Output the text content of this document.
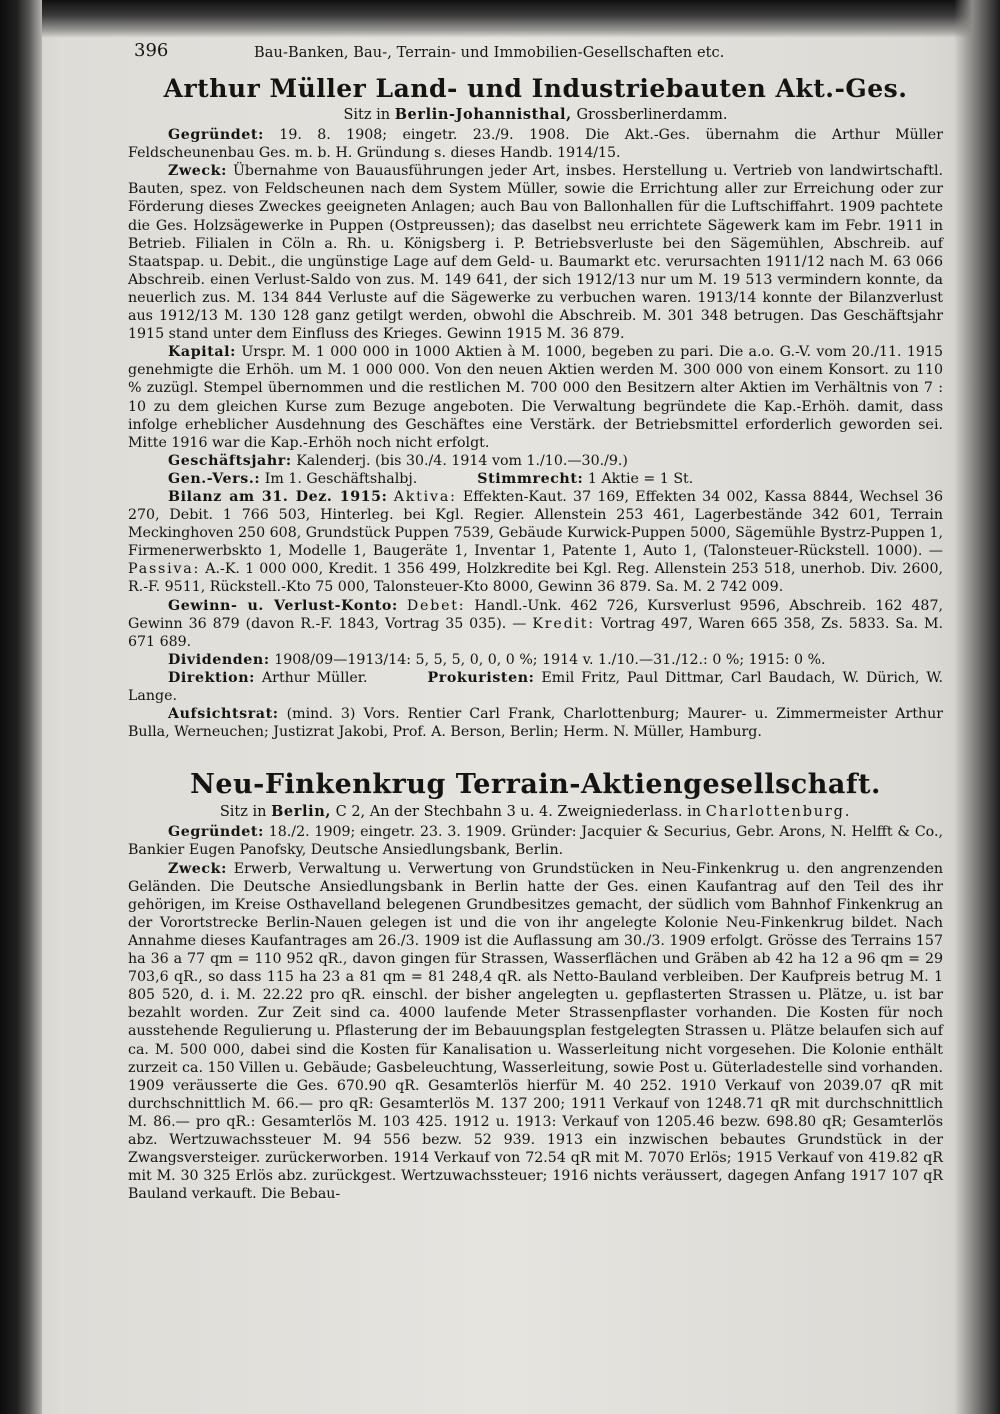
396	Bau-Banken, Bau-, Terrain- und Immobilien-Gesellschaften etc.
Arthur Müller Land- und Industriebauten Akt.-Ges.
Sitz in Berlin-Johannisthal, Grossberlinerdamm.

Gegründet: 19. 8. 1908; eingetr. 23./9. 1908. Die Akt.-Ges. übernahm die Arthur Müller Feldscheunenbau Ges. m. b. H. Gründung s. dieses Handb. 1914/15.

Zweck: Übernahme von Bauausführungen jeder Art, insbes. Herstellung u. Vertrieb von landwirtschaftl. Bauten, spez. von Feldscheunen nach dem System Müller, sowie die Errichtung aller zur Erreichung oder zur Förderung dieses Zweckes geeigneten Anlagen; auch Bau von Ballonhallen für die Luftschiffahrt. 1909 pachtete die Ges. Holzsägewerke in Puppen (Ostpreussen); das daselbst neu errichtete Sägewerk kam im Febr. 1911 in Betrieb. Filialen in Cöln a. Rh. u. Königsberg i. P. Betriebsverluste bei den Sägemühlen, Abschreib. auf Staatspap. u. Debit., die ungünstige Lage auf dem Geld- u. Baumarkt etc. verursachten 1911/12 nach M. 63 066 Abschreib. einen Verlust-Saldo von zus. M. 149 641, der sich 1912/13 nur um M. 19 513 vermindern konnte, da neuerlich zus. M. 134 844 Verluste auf die Sägewerke zu verbuchen waren. 1913/14 konnte der Bilanzverlust aus 1912/13 M. 130 128 ganz getilgt werden, obwohl die Abschreib. M. 301 348 betrugen. Das Geschäftsjahr 1915 stand unter dem Einfluss des Krieges. Gewinn 1915 M. 36 879.

Kapital: Urspr. M. 1 000 000 in 1000 Aktien à M. 1000, begeben zu pari. Die a.o. G.-V. vom 20./11. 1915 genehmigte die Erhöh. um M. 1 000 000. Von den neuen Aktien werden M. 300 000 von einem Konsort. zu 110 % zuzügl. Stempel übernommen und die restlichen M. 700 000 den Besitzern alter Aktien im Verhältnis von 7 : 10 zu dem gleichen Kurse zum Bezuge angeboten. Die Verwaltung begründete die Kap.-Erhöh. damit, dass infolge erheblicher Ausdehnung des Geschäftes eine Verstärk. der Betriebsmittel erforderlich geworden sei. Mitte 1916 war die Kap.-Erhöh noch nicht erfolgt.

Geschäftsjahr: Kalenderj. (bis 30./4. 1914 vom 1./10.—30./9.)

Gen.-Vers.: Im 1. Geschäftshalbj.	Stimmrecht: 1 Aktie = 1 St.

Bilanz am 31. Dez. 1915: Aktiva: Effekten-Kaut. 37 169, Effekten 34 002, Kassa 8844, Wechsel 36 270, Debit. 1 766 503, Hinterleg. bei Kgl. Regier. Allenstein 253 461, Lagerbestände 342 601, Terrain Meckinghoven 250 608, Grundstück Puppen 7539, Gebäude Kurwick-Puppen 5000, Sägemühle Bystrz-Puppen 1, Firmenerwerbskto 1, Modelle 1, Baugeräte 1, Inventar 1, Patente 1, Auto 1, (Talonsteuer-Rückstell. 1000). — Passiva: A.-K. 1 000 000, Kredit. 1 356 499, Holzkredite bei Kgl. Reg. Allenstein 253 518, unerhob. Div. 2600, R.-F. 9511, Rückstell.-Kto 75 000, Talonsteuer-Kto 8000, Gewinn 36 879. Sa. M. 2 742 009.

Gewinn- u. Verlust-Konto: Debet: Handl.-Unk. 462 726, Kursverlust 9596, Abschreib. 162 487, Gewinn 36 879 (davon R.-F. 1843, Vortrag 35 035). — Kredit: Vortrag 497, Waren 665 358, Zs. 5833. Sa. M. 671 689.

Dividenden: 1908/09—1913/14: 5, 5, 5, 0, 0, 0 %; 1914 v. 1./10.—31./12.: 0 %; 1915: 0 %.

Direktion: Arthur Müller.	Prokuristen: Emil Fritz, Paul Dittmar, Carl Baudach, W. Dürich, W. Lange.

Aufsichtsrat: (mind. 3) Vors. Rentier Carl Frank, Charlottenburg; Maurer- u. Zimmermeister Arthur Bulla, Werneuchen; Justizrat Jakobi, Prof. A. Berson, Berlin; Herm. N. Müller, Hamburg.

Neu-Finkenkrug Terrain-Aktiengesellschaft.
Sitz in Berlin, C 2, An der Stechbahn 3 u. 4. Zweigniederlass. in Charlottenburg.

Gegründet: 18./2. 1909; eingetr. 23. 3. 1909. Gründer: Jacquier & Securius, Gebr. Arons, N. Helfft & Co., Bankier Eugen Panofsky, Deutsche Ansiedlungsbank, Berlin.

Zweck: Erwerb, Verwaltung u. Verwertung von Grundstücken in Neu-Finkenkrug u. den angrenzenden Geländen. Die Deutsche Ansiedlungsbank in Berlin hatte der Ges. einen Kaufantrag auf den Teil des ihr gehörigen, im Kreise Osthavelland belegenen Grundbesitzes gemacht, der südlich vom Bahnhof Finkenkrug an der Vorortstrecke Berlin-Nauen gelegen ist und die von ihr angelegte Kolonie Neu-Finkenkrug bildet. Nach Annahme dieses Kaufantrages am 26./3. 1909 ist die Auflassung am 30./3. 1909 erfolgt. Grösse des Terrains 157 ha 36 a 77 qm = 110 952 qR., davon gingen für Strassen, Wasserflächen und Gräben ab 42 ha 12 a 96 qm = 29 703,6 qR., so dass 115 ha 23 a 81 qm = 81 248,4 qR. als Netto-Bauland verbleiben. Der Kaufpreis betrug M. 1 805 520, d. i. M. 22.22 pro qR. einschl. der bisher angelegten u. gepflasterten Strassen u. Plätze, u. ist bar bezahlt worden. Zur Zeit sind ca. 4000 laufende Meter Strassenpflaster vorhanden. Die Kosten für noch ausstehende Regulierung u. Pflasterung der im Bebauungsplan festgelegten Strassen u. Plätze belaufen sich auf ca. M. 500 000, dabei sind die Kosten für Kanalisation u. Wasserleitung nicht vorgesehen. Die Kolonie enthält zurzeit ca. 150 Villen u. Gebäude; Gasbeleuchtung, Wasserleitung, sowie Post u. Güterladestelle sind vorhanden. 1909 veräusserte die Ges. 670.90 qR. Gesamterlös hierfür M. 40 252. 1910 Verkauf von 2039.07 qR mit durchschnittlich M. 66.— pro qR: Gesamterlös M. 137 200; 1911 Verkauf von 1248.71 qR mit durchschnittlich M. 86.— pro qR.: Gesamterlös M. 103 425. 1912 u. 1913: Verkauf von 1205.46 bezw. 698.80 qR; Gesamterlös abz. Wertzuwachssteuer M. 94 556 bezw. 52 939. 1913 ein inzwischen bebautes Grundstück in der Zwangsversteiger. zurückerworben. 1914 Verkauf von 72.54 qR mit M. 7070 Erlös; 1915 Verkauf von 419.82 qR mit M. 30 325 Erlös abz. zurückgest. Wertzuwachssteuer; 1916 nichts veräussert, dagegen Anfang 1917 107 qR Bauland verkauft. Die Bebau-
